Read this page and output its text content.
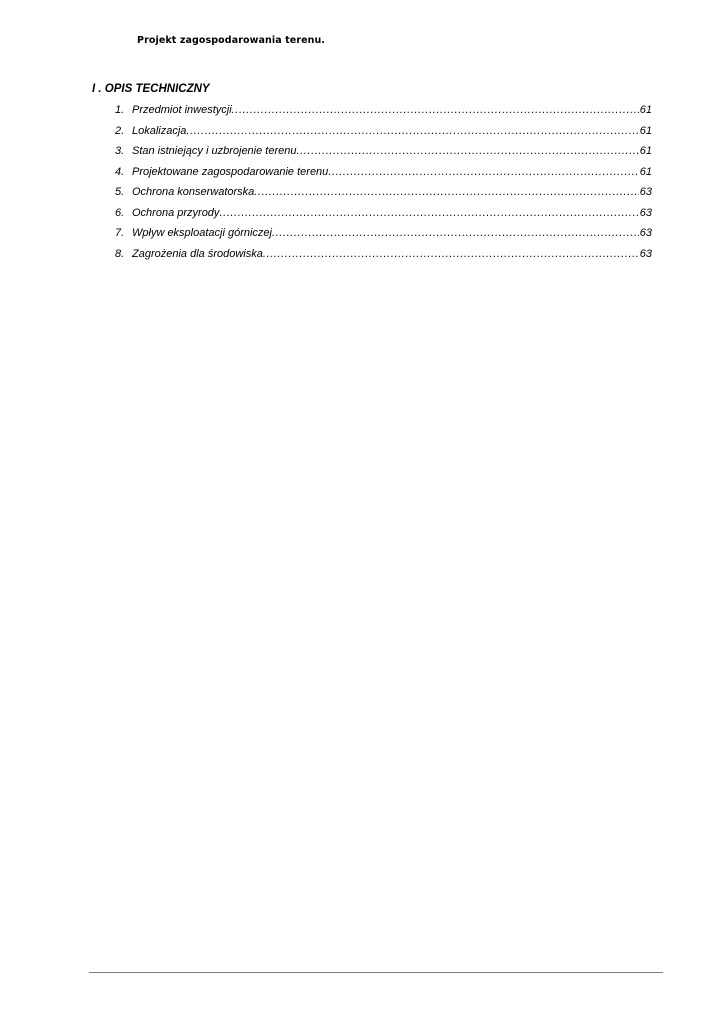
Projekt zagospodarowania terenu.
I . OPIS TECHNICZNY
1. Przedmiot inwestycji .....	61
2. Lokalizacja .....	61
3. Stan istniejący i uzbrojenie terenu .....	61
4. Projektowane zagospodarowanie terenu .....	61
5. Ochrona konserwatorska .....	63
6. Ochrona przyrody .....	63
7. Wpływ eksploatacji górniczej .....	63
8. Zagrożenia dla środowiska .....	63
